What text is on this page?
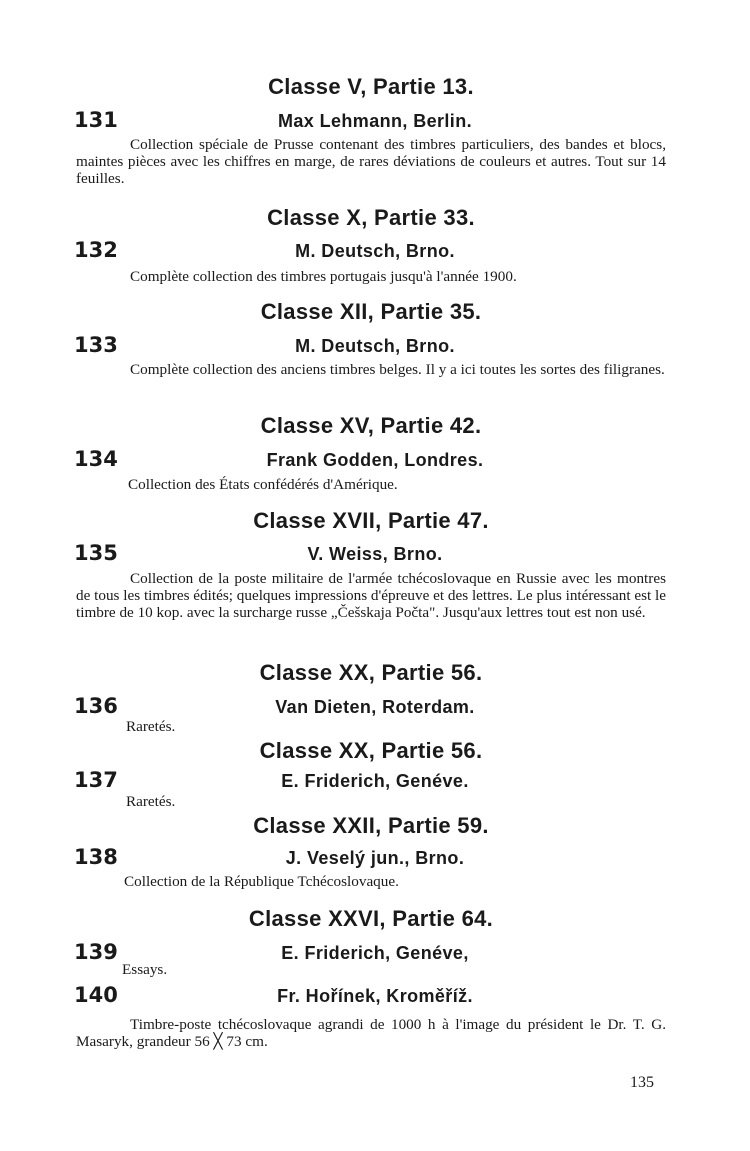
Classe V, Partie 13.
131	Max Lehmann, Berlin.
Collection spéciale de Prusse contenant des timbres particuliers, des bandes et blocs, maintes pièces avec les chiffres en marge, de rares déviations de couleurs et autres. Tout sur 14 feuilles.
Classe X, Partie 33.
132	M. Deutsch, Brno.
Complète collection des timbres portugais jusqu'à l'année 1900.
Classe XII, Partie 35.
133	M. Deutsch, Brno.
Complète collection des anciens timbres belges. Il y a ici toutes les sortes des filigranes.
Classe XV, Partie 42.
134	Frank Godden, Londres.
Collection des États confédérés d'Amérique.
Classe XVII, Partie 47.
135	V. Weiss, Brno.
Collection de la poste militaire de l'armée tchécoslovaque en Russie avec les montres de tous les timbres édités; quelques impressions d'épreuve et des lettres. Le plus intéressant est le timbre de 10 kop. avec la surcharge russe „Češskaja Počta". Jusqu'aux lettres tout est non usé.
Classe XX, Partie 56.
136	Van Dieten, Roterdam.
Raretés.
Classe XX, Partie 56.
137	E. Friderich, Genéve.
Raretés.
Classe XXII, Partie 59.
138	J. Veselý jun., Brno.
Collection de la République Tchécoslovaque.
Classe XXVI, Partie 64.
139	E. Friderich, Genéve,
Essays.
140	Fr. Hořínek, Kroměříž.
Timbre-poste tchécoslovaque agrandi de 1000 h à l'image du président le Dr. T. G. Masaryk, grandeur 56 ╳ 73 cm.
135
